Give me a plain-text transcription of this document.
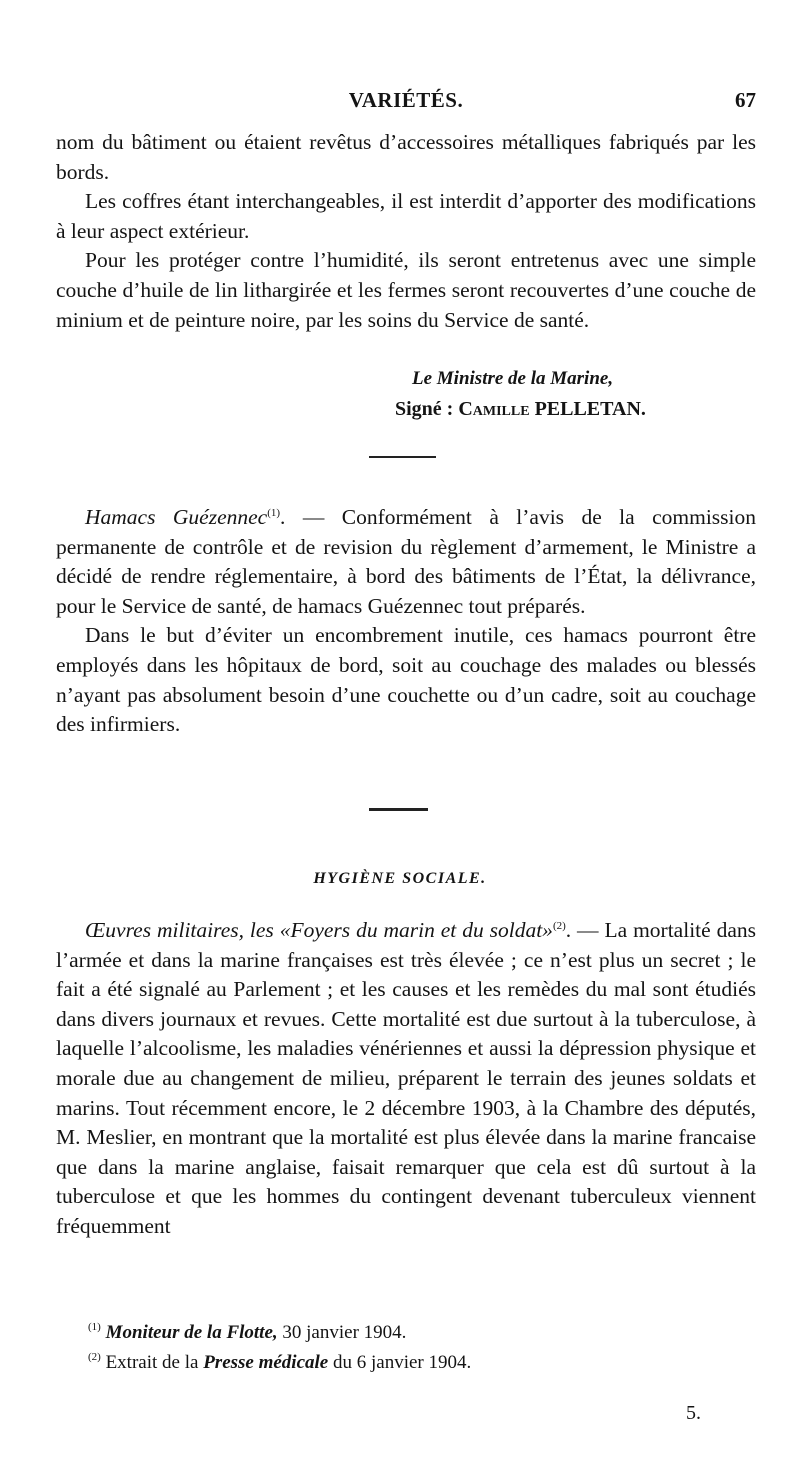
VARIÉTÉS.	67

nom du bâtiment ou étaient revêtus d’accessoires métalliques fabriqués par les bords.

Les coffres étant interchangeables, il est interdit d’apporter des modifications à leur aspect extérieur.

Pour les protéger contre l’humidité, ils seront entretenus avec une simple couche d’huile de lin lithargirée et les fermes seront recouvertes d’une couche de minium et de peinture noire, par les soins du Service de santé.

Le Ministre de la Marine,
Signé : Camille PELLETAN.

Hamacs Guézennec$^{(1)}$. — Conformément à l’avis de la commission permanente de contrôle et de revision du règlement d’armement, le Ministre a décidé de rendre réglementaire, à bord des bâtiments de l’État, la délivrance, pour le Service de santé, de hamacs Guézennec tout préparés.

Dans le but d’éviter un encombrement inutile, ces hamacs pourront être employés dans les hôpitaux de bord, soit au couchage des malades ou blessés n’ayant pas absolument besoin d’une couchette ou d’un cadre, soit au couchage des infirmiers.

HYGIÈNE SOCIALE.

Œuvres militaires, les «Foyers du marin et du soldat»$^{(2)}$. — La mortalité dans l’armée et dans la marine françaises est très élevée ; ce n’est plus un secret ; le fait a été signalé au Parlement ; et les causes et les remèdes du mal sont étudiés dans divers journaux et revues. Cette mortalité est due surtout à la tuberculose, à laquelle l’alcoolisme, les maladies vénériennes et aussi la dépression physique et morale due au changement de milieu, préparent le terrain des jeunes soldats et marins. Tout récemment encore, le 2 décembre 1903, à la Chambre des députés, M. Meslier, en montrant que la mortalité est plus élevée dans la marine francaise que dans la marine anglaise, faisait remarquer que cela est dû surtout à la tuberculose et que les hommes du contingent devenant tuberculeux viennent fréquemment

$^{(1)}$ Moniteur de la Flotte, 30 janvier 1904.

$^{(2)}$ Extrait de la Presse médicale du 6 janvier 1904.

5.
